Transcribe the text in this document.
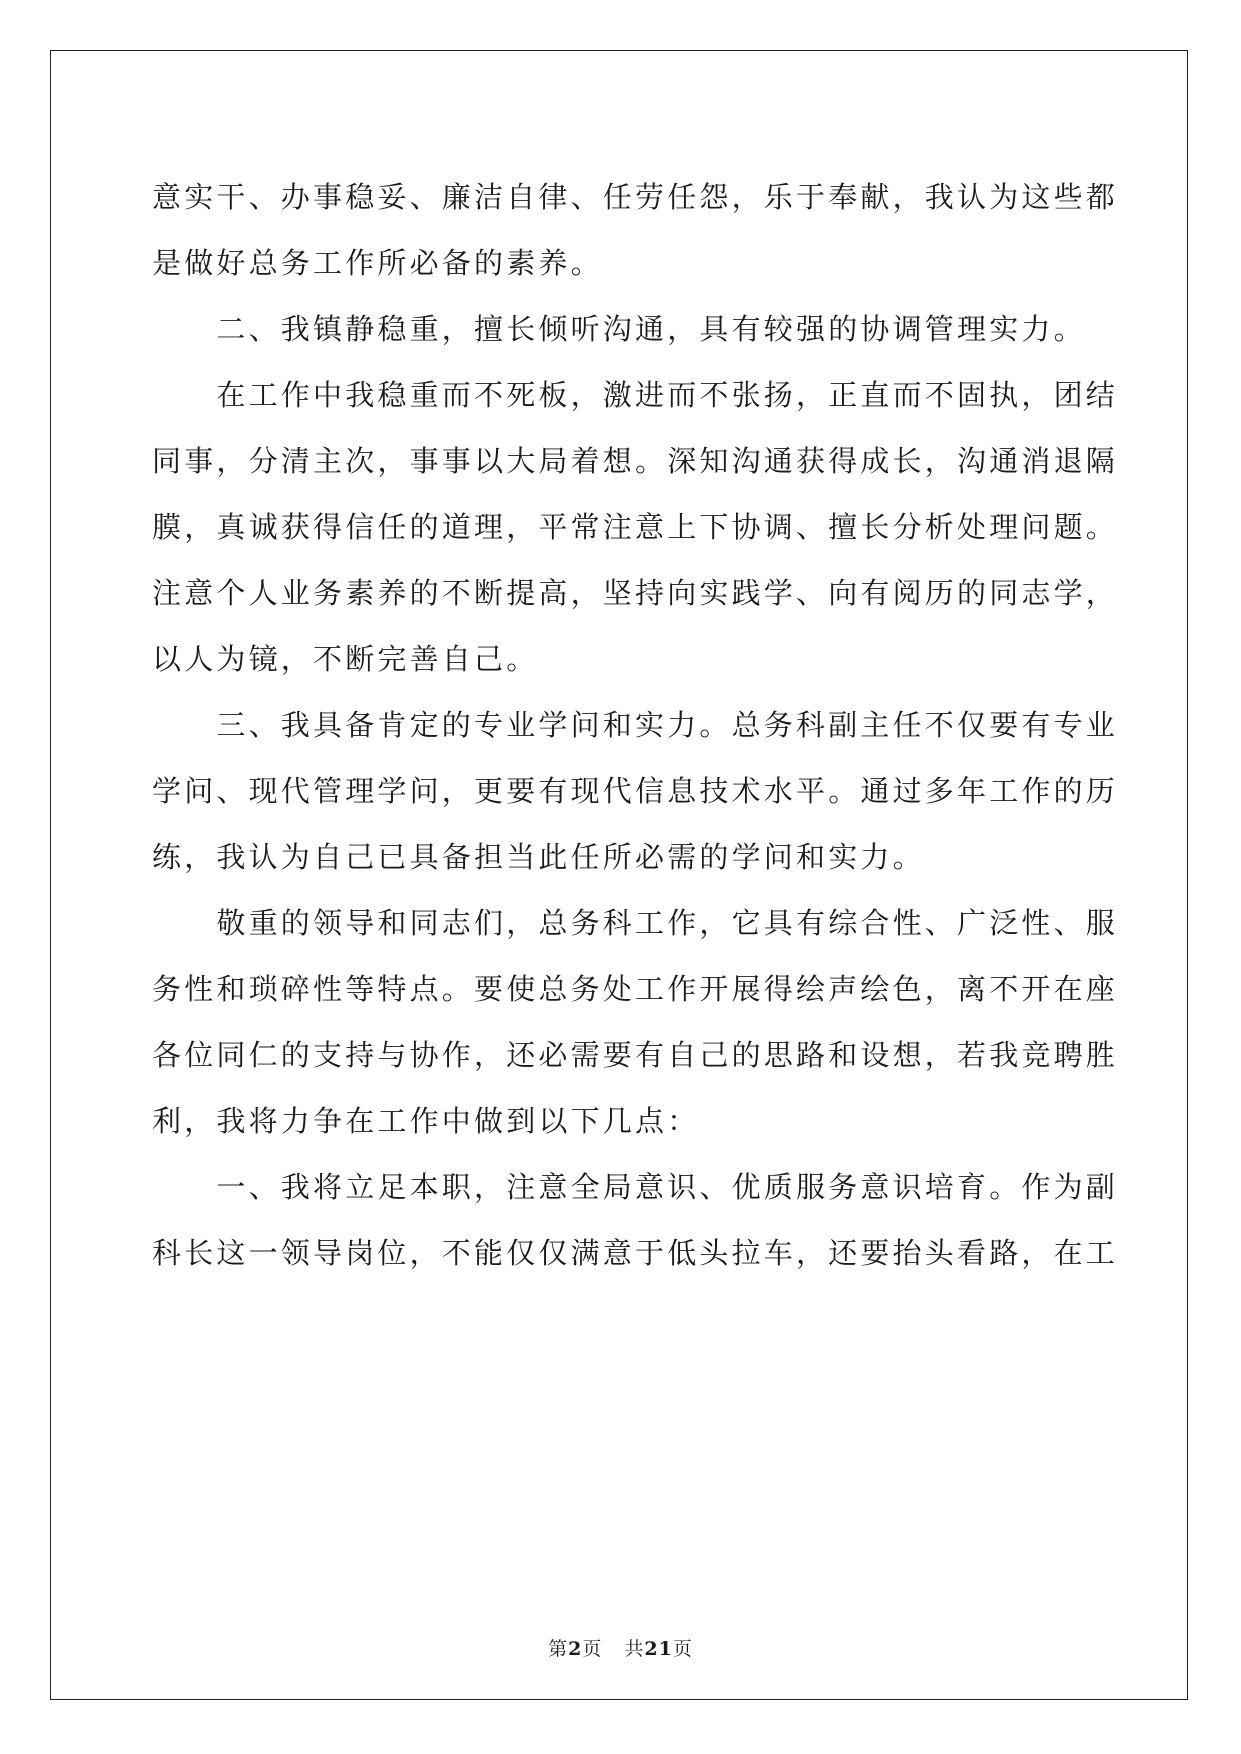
意实干、办事稳妥、廉洁自律、任劳任怨，乐于奉献，我认为这些都
是做好总务工作所必备的素养。
　　二、我镇静稳重，擅长倾听沟通，具有较强的协调管理实力。
　　在工作中我稳重而不死板，激进而不张扬，正直而不固执，团结
同事，分清主次，事事以大局着想。深知沟通获得成长，沟通消退隔
膜，真诚获得信任的道理，平常注意上下协调、擅长分析处理问题。
注意个人业务素养的不断提高，坚持向实践学、向有阅历的同志学，
以人为镜，不断完善自己。
　　三、我具备肯定的专业学问和实力。总务科副主任不仅要有专业
学问、现代管理学问，更要有现代信息技术水平。通过多年工作的历
练，我认为自己已具备担当此任所必需的学问和实力。
　　敬重的领导和同志们，总务科工作，它具有综合性、广泛性、服
务性和琐碎性等特点。要使总务处工作开展得绘声绘色，离不开在座
各位同仁的支持与协作，还必需要有自己的思路和设想，若我竞聘胜
利，我将力争在工作中做到以下几点：
　　一、我将立足本职，注意全局意识、优质服务意识培育。作为副
科长这一领导岗位，不能仅仅满意于低头拉车，还要抬头看路，在工
第2页 共21页
